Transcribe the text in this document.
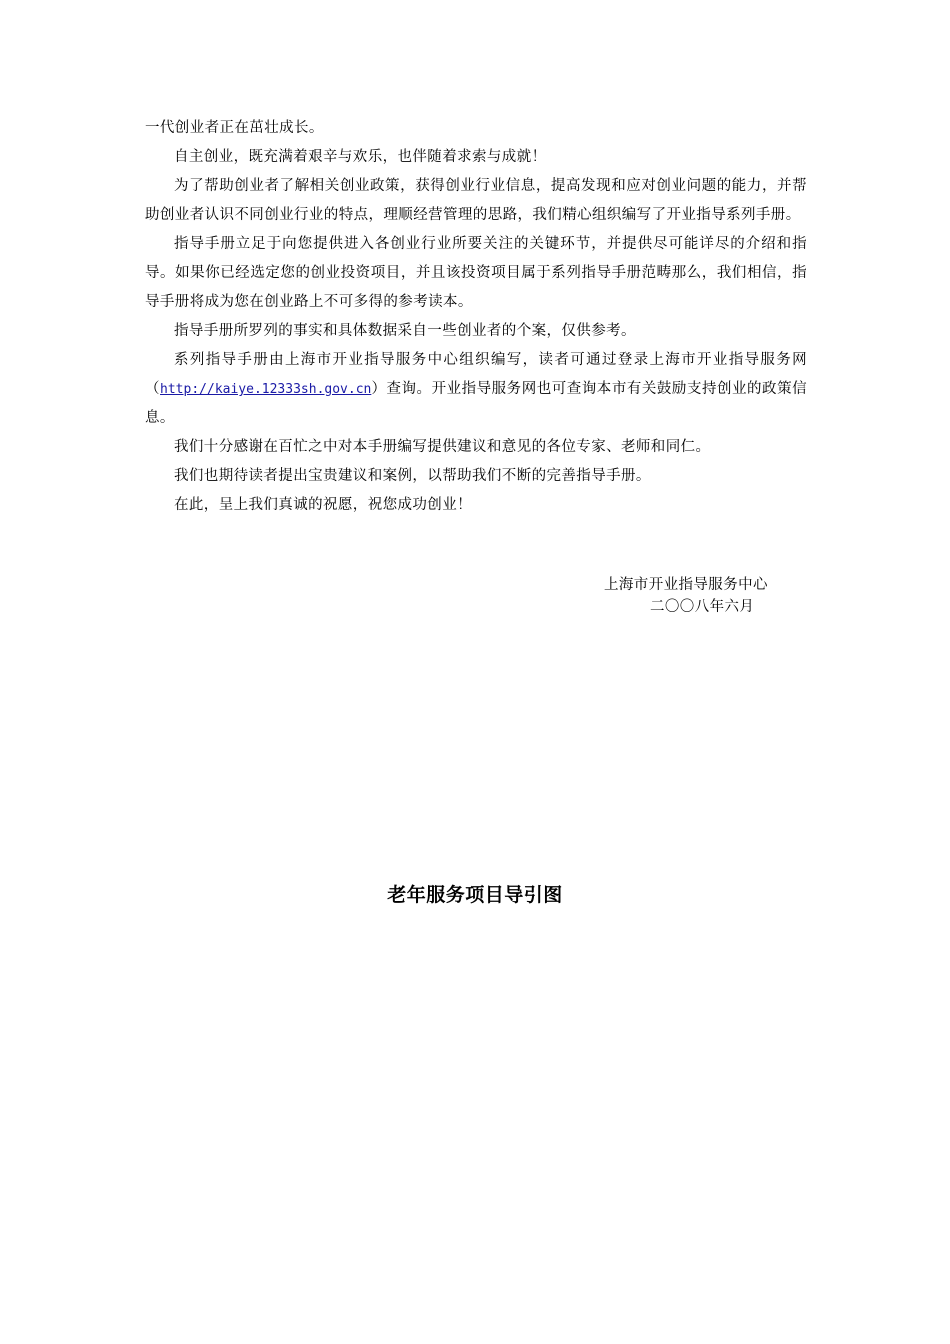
一代创业者正在茁壮成长。

自主创业，既充满着艰辛与欢乐，也伴随着求索与成就！

为了帮助创业者了解相关创业政策，获得创业行业信息，提高发现和应对创业问题的能力，并帮助创业者认识不同创业行业的特点，理顺经营管理的思路，我们精心组织编写了开业指导系列手册。

指导手册立足于向您提供进入各创业行业所要关注的关键环节，并提供尽可能详尽的介绍和指导。如果你已经选定您的创业投资项目，并且该投资项目属于系列指导手册范畴那么，我们相信，指导手册将成为您在创业路上不可多得的参考读本。

指导手册所罗列的事实和具体数据采自一些创业者的个案，仅供参考。

系列指导手册由上海市开业指导服务中心组织编写，读者可通过登录上海市开业指导服务网（http://kaiye.12333sh.gov.cn）查询。开业指导服务网也可查询本市有关鼓励支持创业的政策信息。

我们十分感谢在百忙之中对本手册编写提供建议和意见的各位专家、老师和同仁。

我们也期待读者提出宝贵建议和案例，以帮助我们不断的完善指导手册。

在此，呈上我们真诚的祝愿，祝您成功创业！

上海市开业指导服务中心
二〇〇八年六月
老年服务项目导引图
